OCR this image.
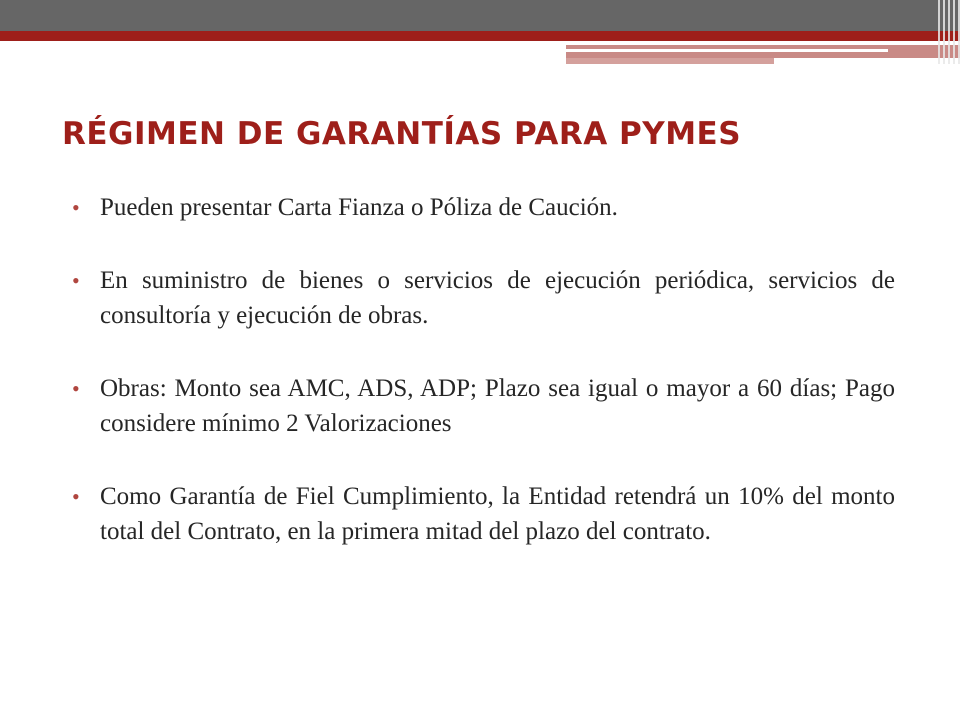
RÉGIMEN DE GARANTÍAS PARA PYMES
• Pueden presentar Carta Fianza o Póliza de Caución.
• En suministro de bienes o servicios de ejecución periódica, servicios de consultoría y ejecución de obras.
• Obras: Monto sea AMC, ADS, ADP; Plazo sea igual o mayor a 60 días; Pago considere mínimo 2 Valorizaciones
• Como Garantía de Fiel Cumplimiento, la Entidad retendrá un 10% del monto total del Contrato, en la primera mitad del plazo del contrato.
